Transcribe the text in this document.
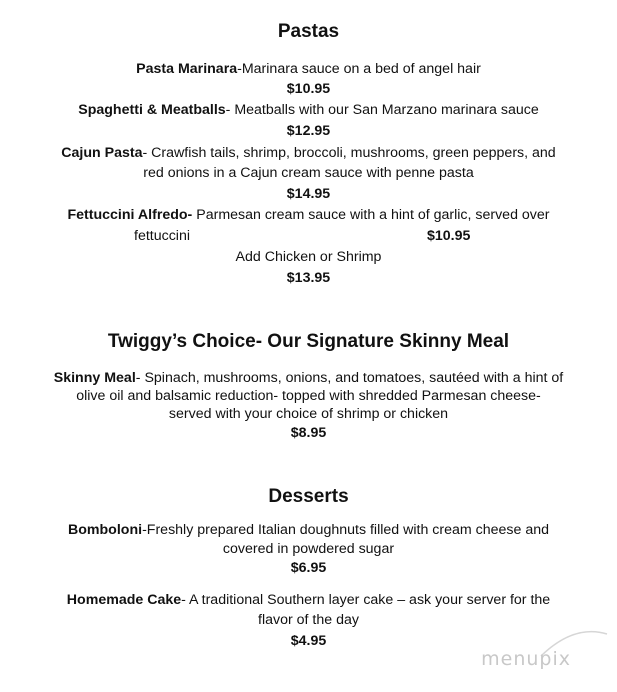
Pastas
Pasta Marinara-Marinara sauce on a bed of angel hair
$10.95
Spaghetti & Meatballs- Meatballs with our San Marzano marinara sauce
$12.95
Cajun Pasta- Crawfish tails, shrimp, broccoli, mushrooms, green peppers, and
red onions in a Cajun cream sauce with penne pasta
$14.95
Fettuccini Alfredo- Parmesan cream sauce with a hint of garlic, served over
fettuccini	$10.95
Add Chicken or Shrimp
$13.95
Twiggy’s Choice- Our Signature Skinny Meal
Skinny Meal- Spinach, mushrooms, onions, and tomatoes, sautéed with a hint of
olive oil and balsamic reduction- topped with shredded Parmesan cheese-
served with your choice of shrimp or chicken
$8.95
Desserts
Bomboloni-Freshly prepared Italian doughnuts filled with cream cheese and
covered in powdered sugar
$6.95
Homemade Cake- A traditional Southern layer cake – ask your server for the
flavor of the day
$4.95
menupix
